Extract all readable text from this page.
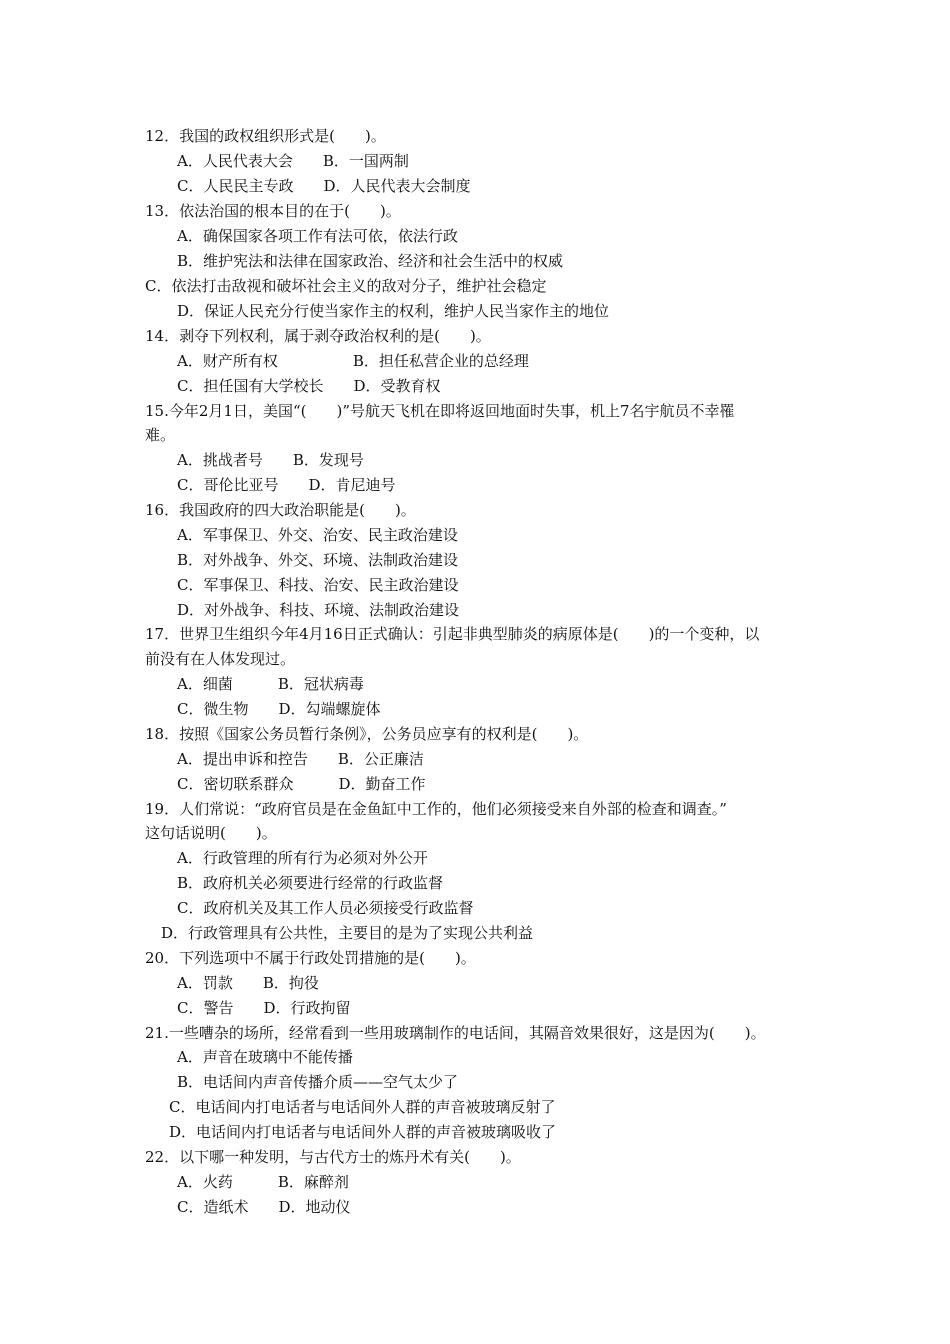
12．我国的政权组织形式是(　　)。
A．人民代表大会　　B．一国两制
C．人民民主专政　　D．人民代表大会制度
13．依法治国的根本目的在于(　　)。
A．确保国家各项工作有法可依，依法行政
B．维护宪法和法律在国家政治、经济和社会生活中的权威
C．依法打击敌视和破坏社会主义的敌对分子，维护社会稳定
D．保证人民充分行使当家作主的权利，维护人民当家作主的地位
14．剥夺下列权利，属于剥夺政治权利的是(　　)。
A．财产所有权　　　　　B．担任私营企业的总经理
C．担任国有大学校长　　D．受教育权
15.今年2月1日，美国“(　　)”号航天飞机在即将返回地面时失事，机上7名宇航员不幸罹
难。
A．挑战者号　　B．发现号
C．哥伦比亚号　　D．肯尼迪号
16．我国政府的四大政治职能是(　　)。
A．军事保卫、外交、治安、民主政治建设
B．对外战争、外交、环境、法制政治建设
C．军事保卫、科技、治安、民主政治建设
D．对外战争、科技、环境、法制政治建设
17．世界卫生组织今年4月16日正式确认：引起非典型肺炎的病原体是(　　)的一个变种，以
前没有在人体发现过。
A．细菌　　　B．冠状病毒
C．微生物　　D．勾端螺旋体
18．按照《国家公务员暂行条例》，公务员应享有的权利是(　　)。
A．提出申诉和控告　　B．公正廉洁
C．密切联系群众　　　D．勤奋工作
19．人们常说：“政府官员是在金鱼缸中工作的，他们必须接受来自外部的检查和调查。”
这句话说明(　　)。
A．行政管理的所有行为必须对外公开
B．政府机关必须要进行经常的行政监督
C．政府机关及其工作人员必须接受行政监督
D．行政管理具有公共性，主要目的是为了实现公共利益
20．下列选项中不属于行政处罚措施的是(　　)。
A．罚款　　B．拘役
C．警告　　D．行政拘留
21.一些嘈杂的场所，经常看到一些用玻璃制作的电话间，其隔音效果很好，这是因为(　　)。
A．声音在玻璃中不能传播
B．电话间内声音传播介质——空气太少了
C．电话间内打电话者与电话间外人群的声音被玻璃反射了
D．电话间内打电话者与电话间外人群的声音被玻璃吸收了
22．以下哪一种发明，与古代方士的炼丹术有关(　　)。
A．火药　　　B．麻醉剂
C．造纸术　　D．地动仪
